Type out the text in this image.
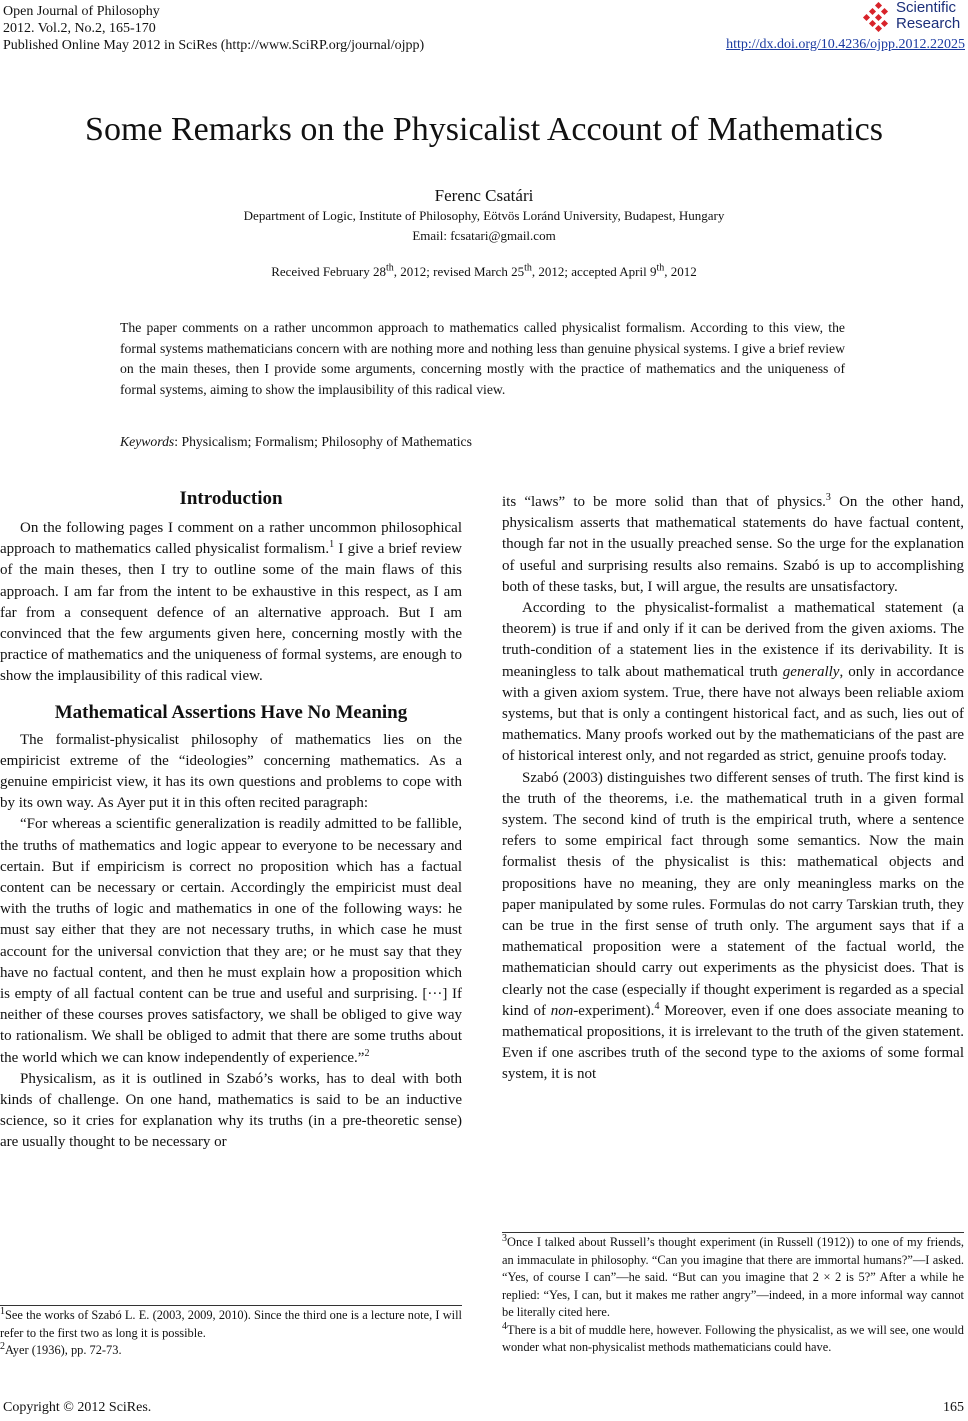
Open Journal of Philosophy
2012. Vol.2, No.2, 165-170
Published Online May 2012 in SciRes (http://www.SciRP.org/journal/ojpp)	http://dx.doi.org/10.4236/ojpp.2012.22025
Scientific
Research
Some Remarks on the Physicalist Account of Mathematics
Ferenc Csatári
Department of Logic, Institute of Philosophy, Eötvös Loránd University, Budapest, Hungary
Email: fcsatari@gmail.com
Received February 28th, 2012; revised March 25th, 2012; accepted April 9th, 2012
The paper comments on a rather uncommon approach to mathematics called physicalist formalism. According to this view, the formal systems mathematicians concern with are nothing more and nothing less than genuine physical systems. I give a brief review on the main theses, then I provide some arguments, concerning mostly with the practice of mathematics and the uniqueness of formal systems, aiming to show the implausibility of this radical view.
Keywords: Physicalism; Formalism; Philosophy of Mathematics
Introduction

On the following pages I comment on a rather uncommon philosophical approach to mathematics called physicalist formalism.$^1$ I give a brief review of the main theses, then I try to outline some of the main flaws of this approach. I am far from the intent to be exhaustive in this respect, as I am far from a consequent defence of an alternative approach. But I am convinced that the few arguments given here, concerning mostly with the practice of mathematics and the uniqueness of formal systems, are enough to show the implausibility of this radical view.

Mathematical Assertions Have No Meaning

The formalist-physicalist philosophy of mathematics lies on the empiricist extreme of the “ideologies” concerning mathematics. As a genuine empiricist view, it has its own questions and problems to cope with by its own way. As Ayer put it in this often recited paragraph:

“For whereas a scientific generalization is readily admitted to be fallible, the truths of mathematics and logic appear to everyone to be necessary and certain. But if empiricism is correct no proposition which has a factual content can be necessary or certain. Accordingly the empiricist must deal with the truths of logic and mathematics in one of the following ways: he must say either that they are not necessary truths, in which case he must account for the universal conviction that they are; or he must say that they have no factual content, and then he must explain how a proposition which is empty of all factual content can be true and useful and surprising. [···] If neither of these courses proves satisfactory, we shall be obliged to give way to rationalism. We shall be obliged to admit that there are some truths about the world which we can know independently of experience.”$^2$

Physicalism, as it is outlined in Szabó’s works, has to deal with both kinds of challenge. On one hand, mathematics is said to be an inductive science, so it cries for explanation why its truths (in a pre-theoretic sense) are usually thought to be necessary or

its “laws” to be more solid than that of physics.$^3$ On the other hand, physicalism asserts that mathematical statements do have factual content, though far not in the usually preached sense. So the urge for the explanation of useful and surprising results also remains. Szabó is up to accomplishing both of these tasks, but, I will argue, the results are unsatisfactory.

According to the physicalist-formalist a mathematical statement (a theorem) is true if and only if it can be derived from the given axioms. The truth-condition of a statement lies in the existence if its derivability. It is meaningless to talk about mathematical truth generally, only in accordance with a given axiom system. True, there have not always been reliable axiom systems, but that is only a contingent historical fact, and as such, lies out of mathematics. Many proofs worked out by the mathematicians of the past are of historical interest only, and not regarded as strict, genuine proofs today.

Szabó (2003) distinguishes two different senses of truth. The first kind is the truth of the theorems, i.e. the mathematical truth in a given formal system. The second kind of truth is the empirical truth, where a sentence refers to some empirical fact through some semantics. Now the main formalist thesis of the physicalist is this: mathematical objects and propositions have no meaning, they are only meaningless marks on the paper manipulated by some rules. Formulas do not carry Tarskian truth, they can be true in the first sense of truth only. The argument says that if a mathematical proposition were a statement of the factual world, the mathematician should carry out experiments as the physicist does. That is clearly not the case (especially if thought experiment is regarded as a special kind of non-experiment).$^4$ Moreover, even if one does associate meaning to mathematical propositions, it is irrelevant to the truth of the given statement. Even if one ascribes truth of the second type to the axioms of some formal system, it is not

$^1$See the works of Szabó L. E. (2003, 2009, 2010). Since the third one is a lecture note, I will refer to the first two as long it is possible.

$^2$Ayer (1936), pp. 72-73.

$^3$Once I talked about Russell’s thought experiment (in Russell (1912)) to one of my friends, an immaculate in philosophy. “Can you imagine that there are immortal humans?”—I asked. “Yes, of course I can”—he said. “But can you imagine that 2 × 2 is 5?” After a while he replied: “Yes, I can, but it makes me rather angry”—indeed, in a more informal way cannot be literally cited here.

$^4$There is a bit of muddle here, however. Following the physicalist, as we will see, one would wonder what non-physicalist methods mathematicians could have.

Copyright © 2012 SciRes.	165
